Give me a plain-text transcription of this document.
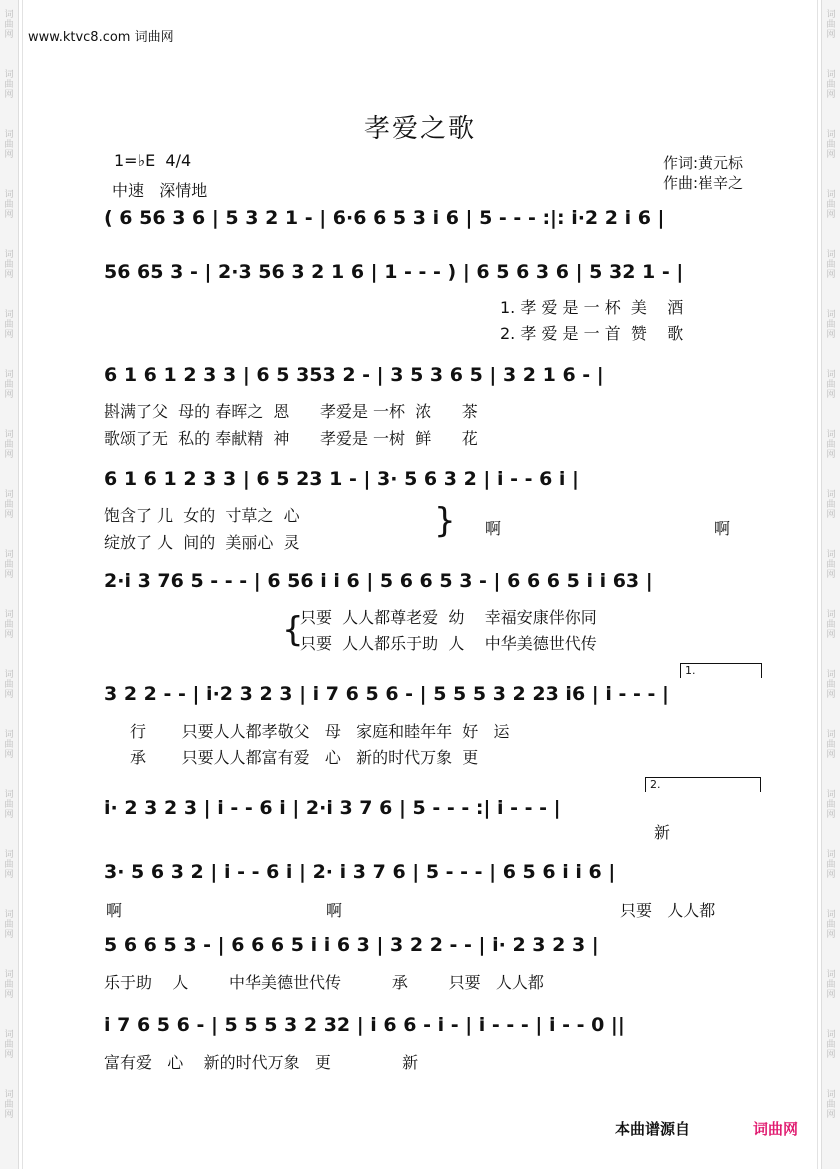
词
曲
网
词
曲
网
词
曲
网
词
曲
网
词
曲
网
词
曲
网
词
曲
网
词
曲
网
词
曲
网
词
曲
网
词
曲
网
词
曲
网
词
曲
网
词
曲
网
词
曲
网
词
曲
网
词
曲
网
词
曲
网
词
曲
网
词
曲
网
词
曲
网
词
曲
网
词
曲
网
词
曲
网
词
曲
网
词
曲
网
词
曲
网
词
曲
网
词
曲
网
词
曲
网
词
曲
网
词
曲
网
词
曲
网
词
曲
网
词
曲
网
词
曲
网
词
曲
网
词
曲
网
www.ktvc8.com 词曲网
孝爱之歌
1=♭E  4/4
中速   深情地
作词:黄元标
作曲:崔辛之
( 6 56 3 6 | 5 3 2 1 - | 6·6 6 5 3 i 6 | 5 - - - :|: i·2 2 i 6 |
56 65 3 - | 2·3 56 3 2 1 6 | 1 - - - ) | 6 5 6 3 6 | 5 32 1 - |
6 1 6 1 2 3 3 | 6 5 353 2 - | 3 5 3 6 5 | 3 2 1 6 - |
6 1 6 1 2 3 3 | 6 5 23 1 - | 3· 5 6 3 2 | i - - 6 i |
2·i 3 76 5 - - - | 6 56 i i 6 | 5 6 6 5 3 - | 6 6 6 5 i i 63 |
3 2 2 - - | i·2 3 2 3 | i 7 6 5 6 - | 5 5 5 3 2 23 i6 | i - - - |
i· 2 3 2 3 | i - - 6 i | 2·i 3 7 6 | 5 - - - :| i - - - |
3· 5 6 3 2 | i - - 6 i | 2· i 3 7 6 | 5 - - - | 6 5 6 i i 6 |
5 6 6 5 3 - | 6 6 6 5 i i 6 3 | 3 2 2 - - | i· 2 3 2 3 |
i 7 6 5 6 - | 5 5 5 3 2 32 | i 6 6 - i - | i - - - | i - - 0 ||
1.
2.
1. 孝 爱 是 一 杯  美    酒
2. 孝 爱 是 一 首  赞    歌
斟满了父  母的 春晖之  恩      孝爱是 一杯  浓      茶
歌颂了无  私的 奉献精  神      孝爱是 一树  鲜      花
饱含了 儿  女的  寸草之  心
绽放了 人  间的  美丽心  灵
} 啊	啊
{
只要  人人都尊老爱  幼    幸福安康伴你同
只要  人人都乐于助  人    中华美德世代传
行       只要人人都孝敬父   母   家庭和睦年年  好   运
承       只要人人都富有爱   心   新的时代万象  更
新
啊	啊	只要   人人都
乐于助    人        中华美德世代传          承        只要   人人都
富有爱   心    新的时代万象   更              新
本曲谱源自	词曲网
